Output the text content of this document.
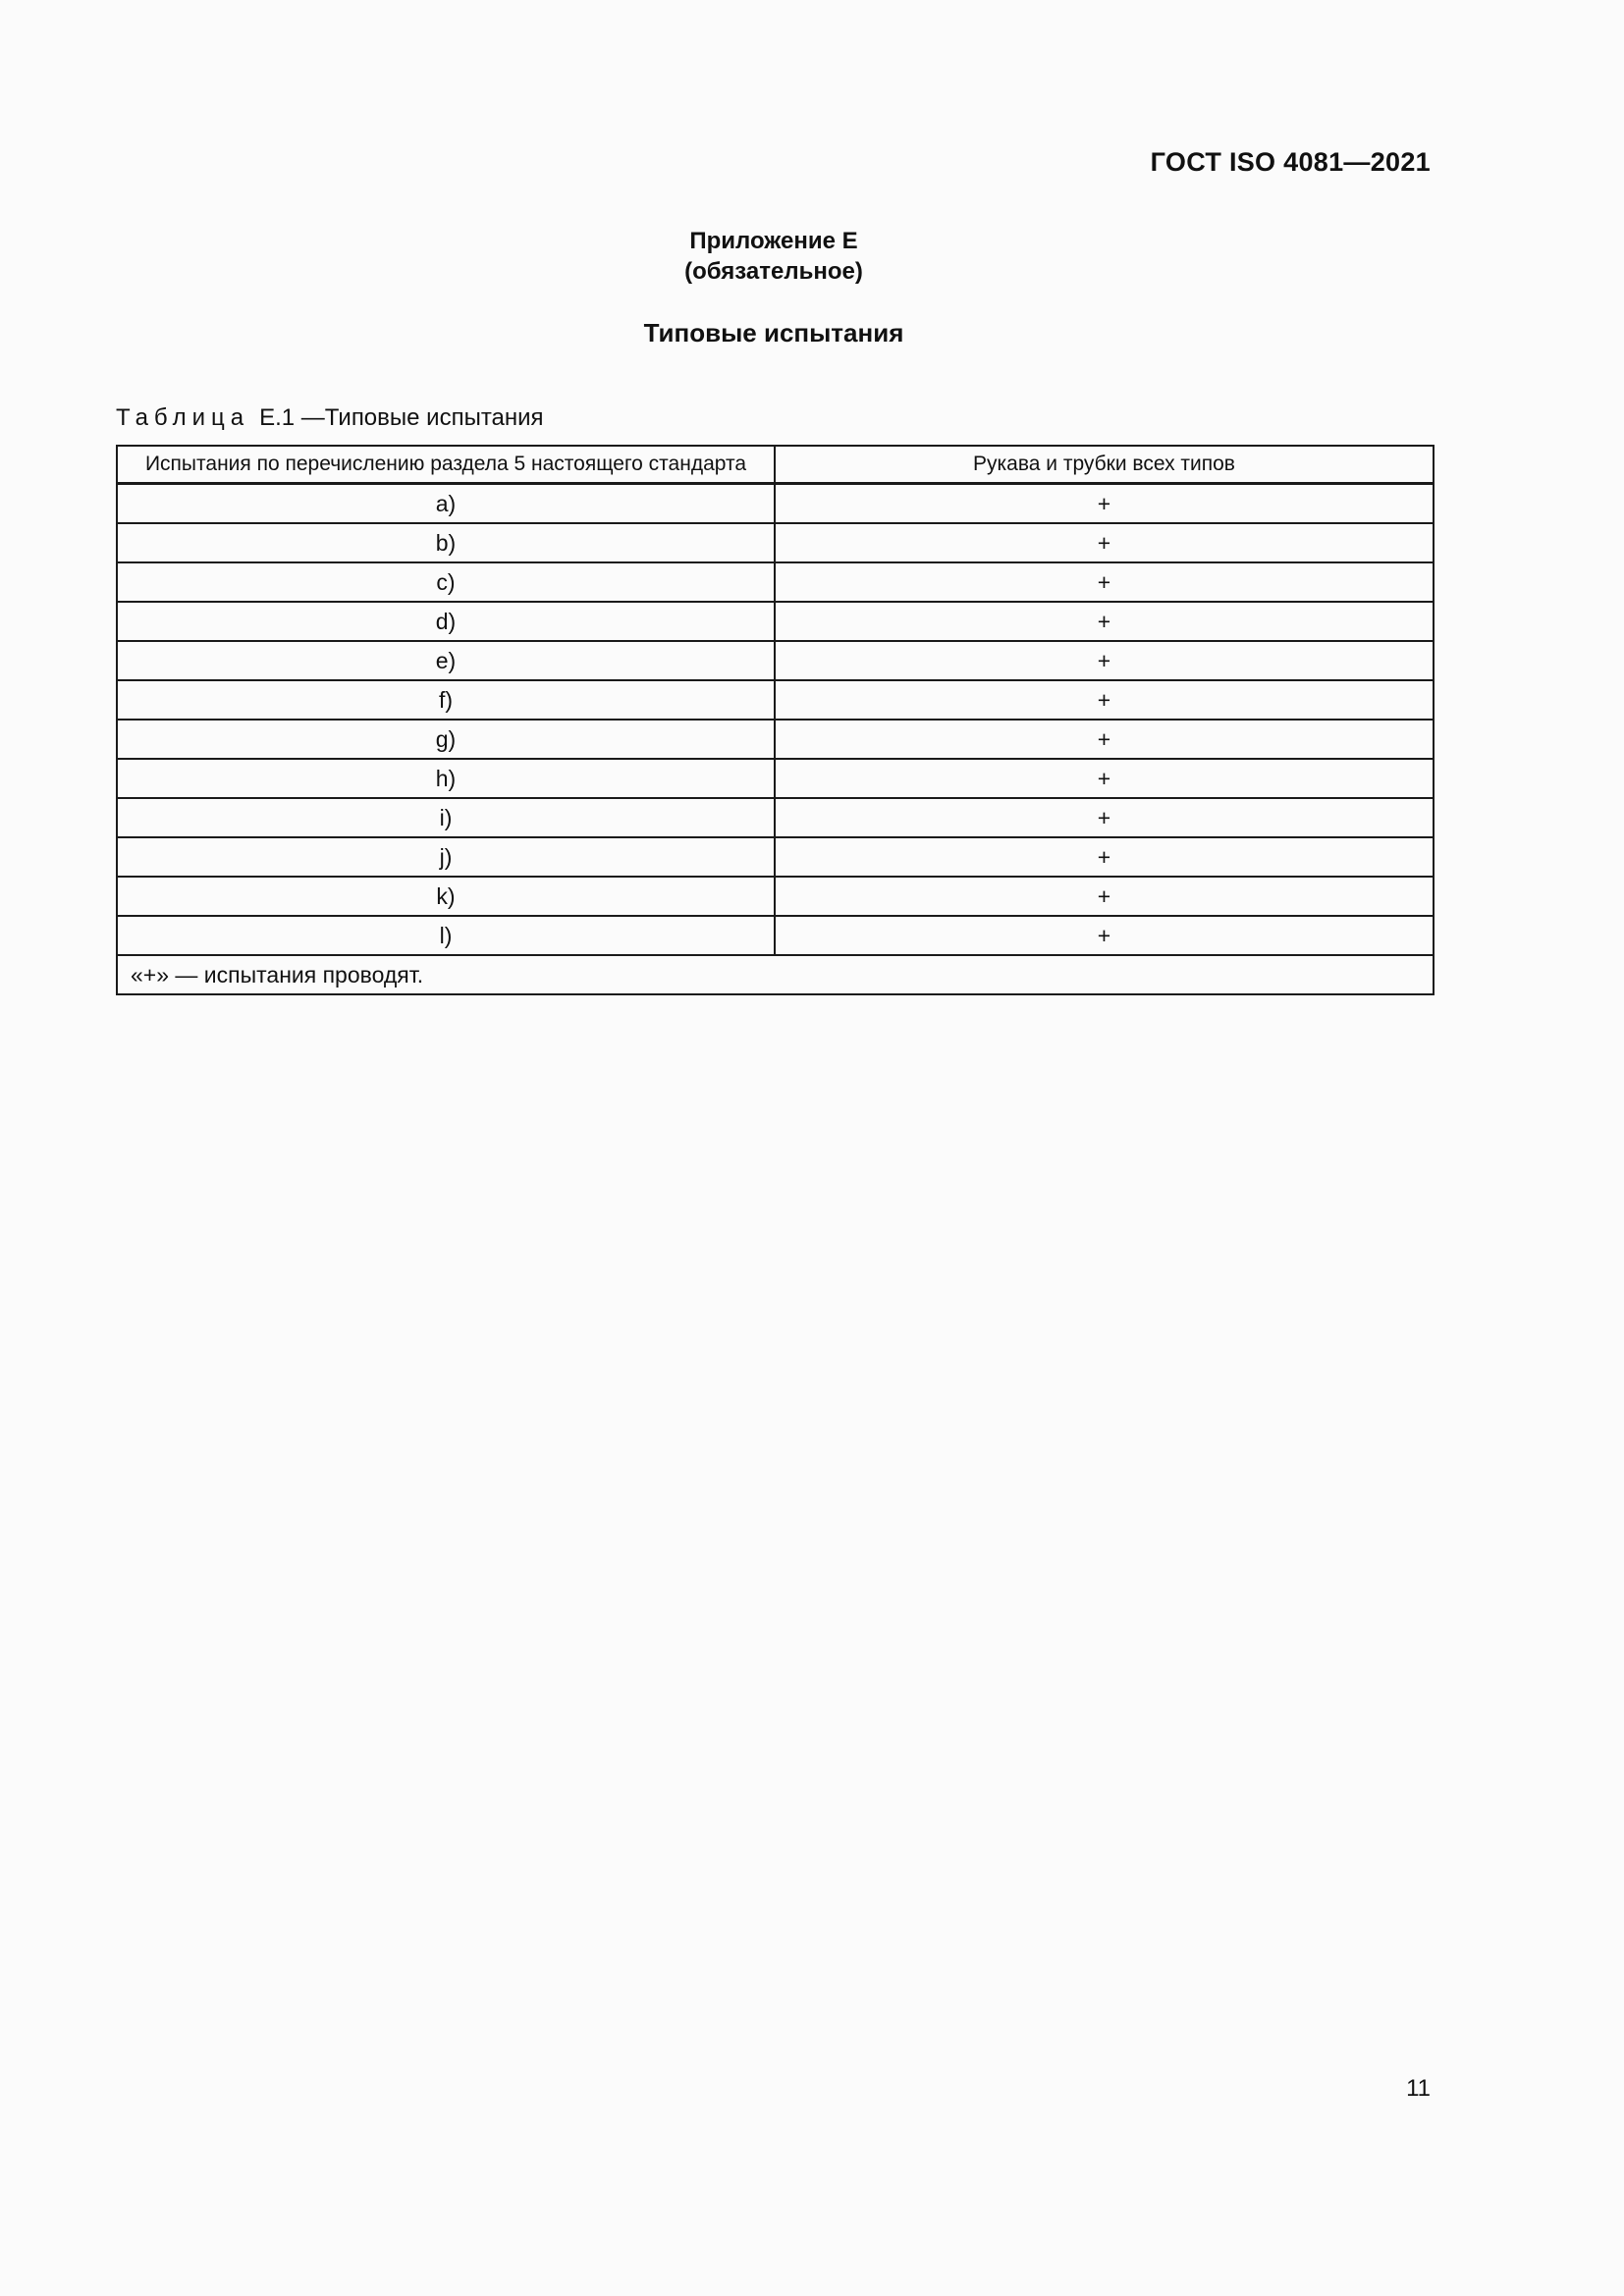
ГОСТ ISO 4081—2021
Приложение E
(обязательное)
Типовые испытания
Таблица E.1 —Типовые испытания
Испытания по перечислению раздела 5 настоящего стандарта	Рукава и трубки всех типов
a)	+
b)	+
c)	+
d)	+
e)	+
f)	+
g)	+
h)	+
i)	+
j)	+
k)	+
l)	+
«+» — испытания проводят.	
11
